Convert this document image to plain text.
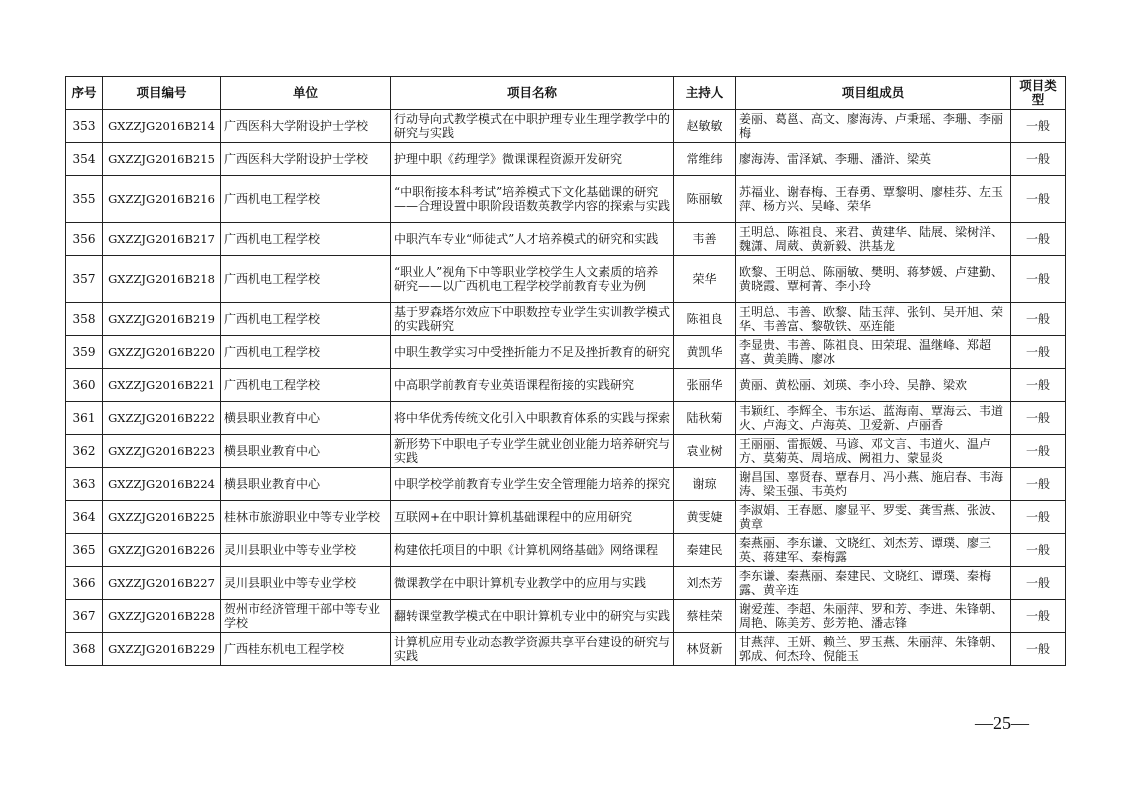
序号	项目编号	单位	项目名称	主持人	项目组成员	项目类型
353	GXZZJG2016B214	广西医科大学附设护士学校	行动导向式教学模式在中职护理专业生理学教学中的研究与实践	赵敏敏	姜丽、葛邕、高文、廖海涛、卢秉瑶、李珊、李丽梅	一般
354	GXZZJG2016B215	广西医科大学附设护士学校	护理中职《药理学》微课课程资源开发研究	常维纬	廖海涛、雷泽斌、李珊、潘浒、梁英	一般
355	GXZZJG2016B216	广西机电工程学校	“中职衔接本科考试”培养模式下文化基础课的研究——合理设置中职阶段语数英教学内容的探索与实践	陈丽敏	苏福业、谢春梅、王春勇、覃黎明、廖桂芬、左玉萍、杨方兴、吴峰、荣华	一般
356	GXZZJG2016B217	广西机电工程学校	中职汽车专业“师徒式”人才培养模式的研究和实践	韦善	王明总、陈祖良、来君、黄建华、陆展、梁树洋、魏潇、周葳、黄新毅、洪基龙	一般
357	GXZZJG2016B218	广西机电工程学校	“职业人”视角下中等职业学校学生人文素质的培养研究——以广西机电工程学校学前教育专业为例	荣华	欧黎、王明总、陈丽敏、樊明、蒋梦媛、卢建勤、黄晓霞、覃柯菁、李小玲	一般
358	GXZZJG2016B219	广西机电工程学校	基于罗森塔尔效应下中职数控专业学生实训教学模式的实践研究	陈祖良	王明总、韦善、欧黎、陆玉萍、张钊、吴开旭、荣华、韦善富、黎敬铁、巫连能	一般
359	GXZZJG2016B220	广西机电工程学校	中职生教学实习中受挫折能力不足及挫折教育的研究	黄凯华	李显贵、韦善、陈祖良、田荣琨、温继峰、郑超喜、黄美腾、廖冰	一般
360	GXZZJG2016B221	广西机电工程学校	中高职学前教育专业英语课程衔接的实践研究	张丽华	黄丽、黄松丽、刘瑛、李小玲、吴静、梁欢	一般
361	GXZZJG2016B222	横县职业教育中心	将中华优秀传统文化引入中职教育体系的实践与探索	陆秋菊	韦颖红、李辉全、韦东运、蓝海南、覃海云、韦道火、卢海文、卢海英、卫爱新、卢丽香	一般
362	GXZZJG2016B223	横县职业教育中心	新形势下中职电子专业学生就业创业能力培养研究与实践	袁业树	王丽丽、雷振媛、马谚、邓文言、韦道火、温卢方、莫菊英、周培成、阙祖力、蒙显炎	一般
363	GXZZJG2016B224	横县职业教育中心	中职学校学前教育专业学生安全管理能力培养的探究	谢琼	谢昌国、辜贤春、覃春月、冯小燕、施启春、韦海涛、梁玉强、韦英灼	一般
364	GXZZJG2016B225	桂林市旅游职业中等专业学校	互联网+在中职计算机基础课程中的应用研究	黄雯婕	李淑娟、王春愿、廖显平、罗雯、龚雪燕、张波、黄章	一般
365	GXZZJG2016B226	灵川县职业中等专业学校	构建依托项目的中职《计算机网络基础》网络课程	秦建民	秦燕丽、李东谦、文晓红、刘杰芳、谭璞、廖三英、蒋建军、秦梅露	一般
366	GXZZJG2016B227	灵川县职业中等专业学校	微课教学在中职计算机专业教学中的应用与实践	刘杰芳	李东谦、秦燕丽、秦建民、文晓红、谭璞、秦梅露、黄辛连	一般
367	GXZZJG2016B228	贺州市经济管理干部中等专业学校	翻转课堂教学模式在中职计算机专业中的研究与实践	蔡桂荣	谢爱莲、李超、朱丽萍、罗和芳、李进、朱锋朝、周艳、陈美芳、彭芳艳、潘志锋	一般
368	GXZZJG2016B229	广西桂东机电工程学校	计算机应用专业动态教学资源共享平台建设的研究与实践	林贤新	甘燕萍、王妍、赖兰、罗玉燕、朱丽萍、朱锋朝、郭成、何杰玲、倪能玉	一般
—25—
